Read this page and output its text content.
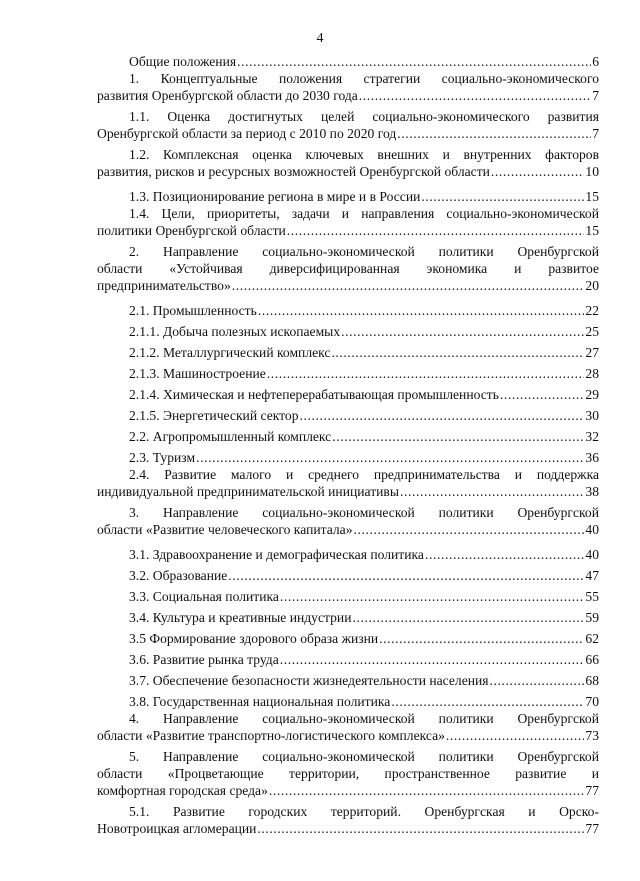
4
Общие положения .....	6
1. Концептуальные положения стратегии социально-экономического
развития Оренбургской области до 2030 года .....	7
1.1. Оценка достигнутых целей социально-экономического развития
Оренбургской области за период с 2010 по 2020 год .....	7
1.2. Комплексная оценка ключевых внешних и внутренних факторов
развития, рисков и ресурсных возможностей Оренбургской области .....	10
1.3. Позиционирование региона в мире и в России .....	15
1.4. Цели, приоритеты, задачи и направления социально-экономической
политики Оренбургской области .....	15
2. Направление социально-экономической политики Оренбургской
области «Устойчивая диверсифицированная экономика и развитое
предпринимательство» .....	20
2.1. Промышленность .....	22
2.1.1. Добыча полезных ископаемых .....	25
2.1.2. Металлургический комплекс .....	27
2.1.3. Машиностроение .....	28
2.1.4. Химическая и нефтеперерабатывающая промышленность .....	29
2.1.5. Энергетический сектор .....	30
2.2. Агропромышленный комплекс .....	32
2.3. Туризм .....	36
2.4. Развитие малого и среднего предпринимательства и поддержка
индивидуальной предпринимательской инициативы .....	38
3. Направление социально-экономической политики Оренбургской
области «Развитие человеческого капитала» .....	40
3.1. Здравоохранение и демографическая политика .....	40
3.2. Образование .....	47
3.3. Социальная политика .....	55
3.4. Культура и креативные индустрии .....	59
3.5 Формирование здорового образа жизни .....	62
3.6. Развитие рынка труда .....	66
3.7. Обеспечение безопасности жизнедеятельности населения .....	68
3.8. Государственная национальная политика .....	70
4. Направление социально-экономической политики Оренбургской
области «Развитие транспортно-логистического комплекса» .....	73
5. Направление социально-экономической политики Оренбургской
области «Процветающие территории, пространственное развитие и
комфортная городская среда» .....	77
5.1. Развитие городских территорий. Оренбургская и Орско-
Новотроицкая агломерации .....	77
